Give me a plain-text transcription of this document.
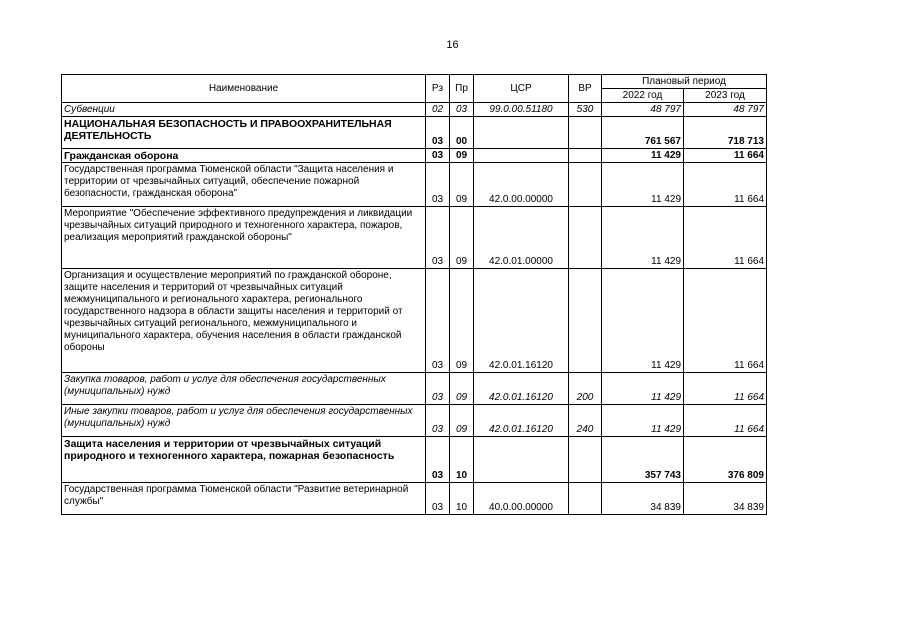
16
Наименование	Рз	Пр	ЦСР	ВР	Плановый период	
					2022 год	2023 год
Субвенции	02	03	99.0.00.51180	530	48 797	48 797
НАЦИОНАЛЬНАЯ БЕЗОПАСНОСТЬ И ПРАВООХРАНИТЕЛЬНАЯ ДЕЯТЕЛЬНОСТЬ	03	00			761 567	718 713
Гражданская оборона	03	09			11 429	11 664
Государственная программа Тюменской области "Защита населения и территории от чрезвычайных ситуаций, обеспечение пожарной безопасности, гражданская оборона"	03	09	42.0.00.00000		11 429	11 664
Мероприятие "Обеспечение эффективного предупреждения и ликвидации чрезвычайных ситуаций природного и техногенного характера, пожаров, реализация мероприятий гражданской обороны"	03	09	42.0.01.00000		11 429	11 664
Организация и осуществление мероприятий по гражданской обороне, защите населения и территорий от чрезвычайных ситуаций межмуниципального и регионального характера, регионального государственного надзора в области защиты населения и территорий от чрезвычайных ситуаций регионального, межмуниципального и муниципального характера, обучения населения в области гражданской обороны	03	09	42.0.01.16120		11 429	11 664
Закупка товаров, работ и услуг для обеспечения государственных (муниципальных) нужд	03	09	42.0.01.16120	200	11 429	11 664
Иные закупки товаров, работ и услуг для обеспечения государственных (муниципальных) нужд	03	09	42.0.01.16120	240	11 429	11 664
Защита населения и территории от чрезвычайных ситуаций природного и техногенного характера, пожарная безопасность	03	10			357 743	376 809
Государственная программа Тюменской области "Развитие ветеринарной службы"	03	10	40.0.00.00000		34 839	34 839
